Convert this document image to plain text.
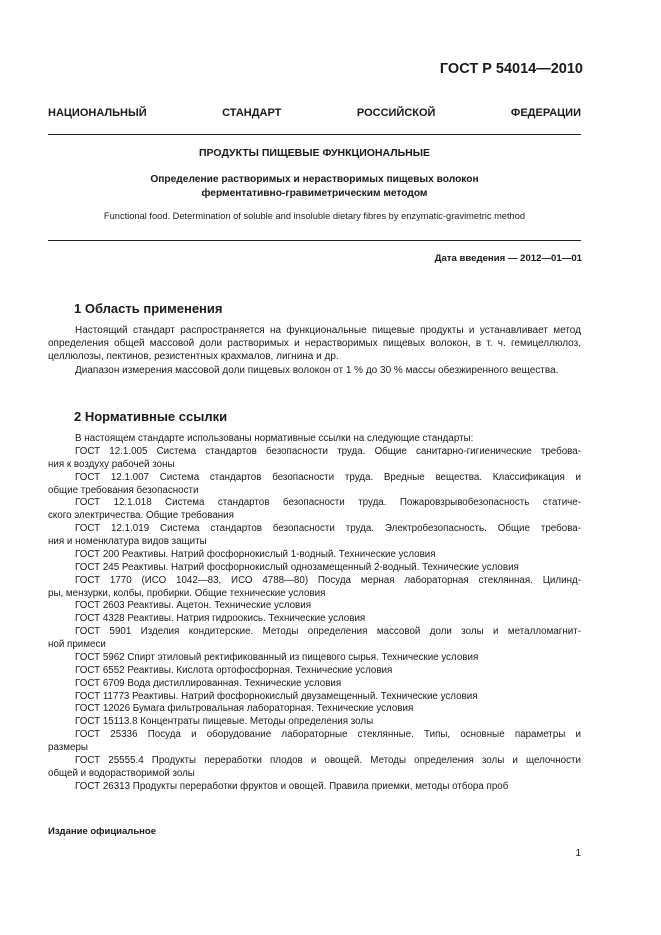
ГОСТ Р 54014—2010
НАЦИОНАЛЬНЫЙ СТАНДАРТ РОССИЙСКОЙ ФЕДЕРАЦИИ
ПРОДУКТЫ ПИЩЕВЫЕ ФУНКЦИОНАЛЬНЫЕ
Определение растворимых и нерастворимых пищевых волокон
ферментативно-гравиметрическим методом
Functional food. Determination of soluble and insoluble dietary fibres by enzymatic-gravimetric method
Дата введения — 2012—01—01
1 Область применения

Настоящий стандарт распространяется на функциональные пищевые продукты и устанавливает метод определения общей массовой доли растворимых и нерастворимых пищевых волокон, в т. ч. гемицеллюлоз, целлюлозы, пектинов, резистентных крахмалов, лигнина и др.

Диапазон измерения массовой доли пищевых волокон от 1 % до 30 % массы обезжиренного вещества.

2 Нормативные ссылки
В настоящем стандарте использованы нормативные ссылки на следующие стандарты:
ГОСТ 12.1.005 Система стандартов безопасности труда. Общие санитарно-гигиенические требова-
ния к воздуху рабочей зоны
ГОСТ 12.1.007 Система стандартов безопасности труда. Вредные вещества. Классификация и
общие требования безопасности
ГОСТ 12.1.018 Система стандартов безопасности труда. Пожаровзрывобезопасность статиче-
ского электричества. Общие требования
ГОСТ 12.1.019 Система стандартов безопасности труда. Электробезопасность. Общие требова-
ния и номенклатура видов защиты
ГОСТ 200 Реактивы. Натрий фосфорнокислый 1-водный. Технические условия
ГОСТ 245 Реактивы. Натрий фосфорнокислый однозамещенный 2-водный. Технические условия
ГОСТ 1770 (ИСО 1042—83, ИСО 4788—80) Посуда мерная лабораторная стеклянная. Цилинд-
ры, мензурки, колбы, пробирки. Общие технические условия
ГОСТ 2603 Реактивы. Ацетон. Технические условия
ГОСТ 4328 Реактивы. Натрия гидроокись. Технические условия
ГОСТ 5901 Изделия кондитерские. Методы определения массовой доли золы и металломагнит-
ной примеси
ГОСТ 5962 Спирт этиловый ректификованный из пищевого сырья. Технические условия
ГОСТ 6552 Реактивы. Кислота ортофосфорная. Технические условия
ГОСТ 6709 Вода дистиллированная. Технические условия
ГОСТ 11773 Реактивы. Натрий фосфорнокислый двузамещенный. Технические условия
ГОСТ 12026 Бумага фильтровальная лабораторная. Технические условия
ГОСТ 15113.8 Концентраты пищевые. Методы определения золы
ГОСТ 25336 Посуда и оборудование лабораторные стеклянные. Типы, основные параметры и
размеры
ГОСТ 25555.4 Продукты переработки плодов и овощей. Методы определения золы и щелочности
общей и водорастворимой золы
ГОСТ 26313 Продукты переработки фруктов и овощей. Правила приемки, методы отбора проб
Издание официальное
1
